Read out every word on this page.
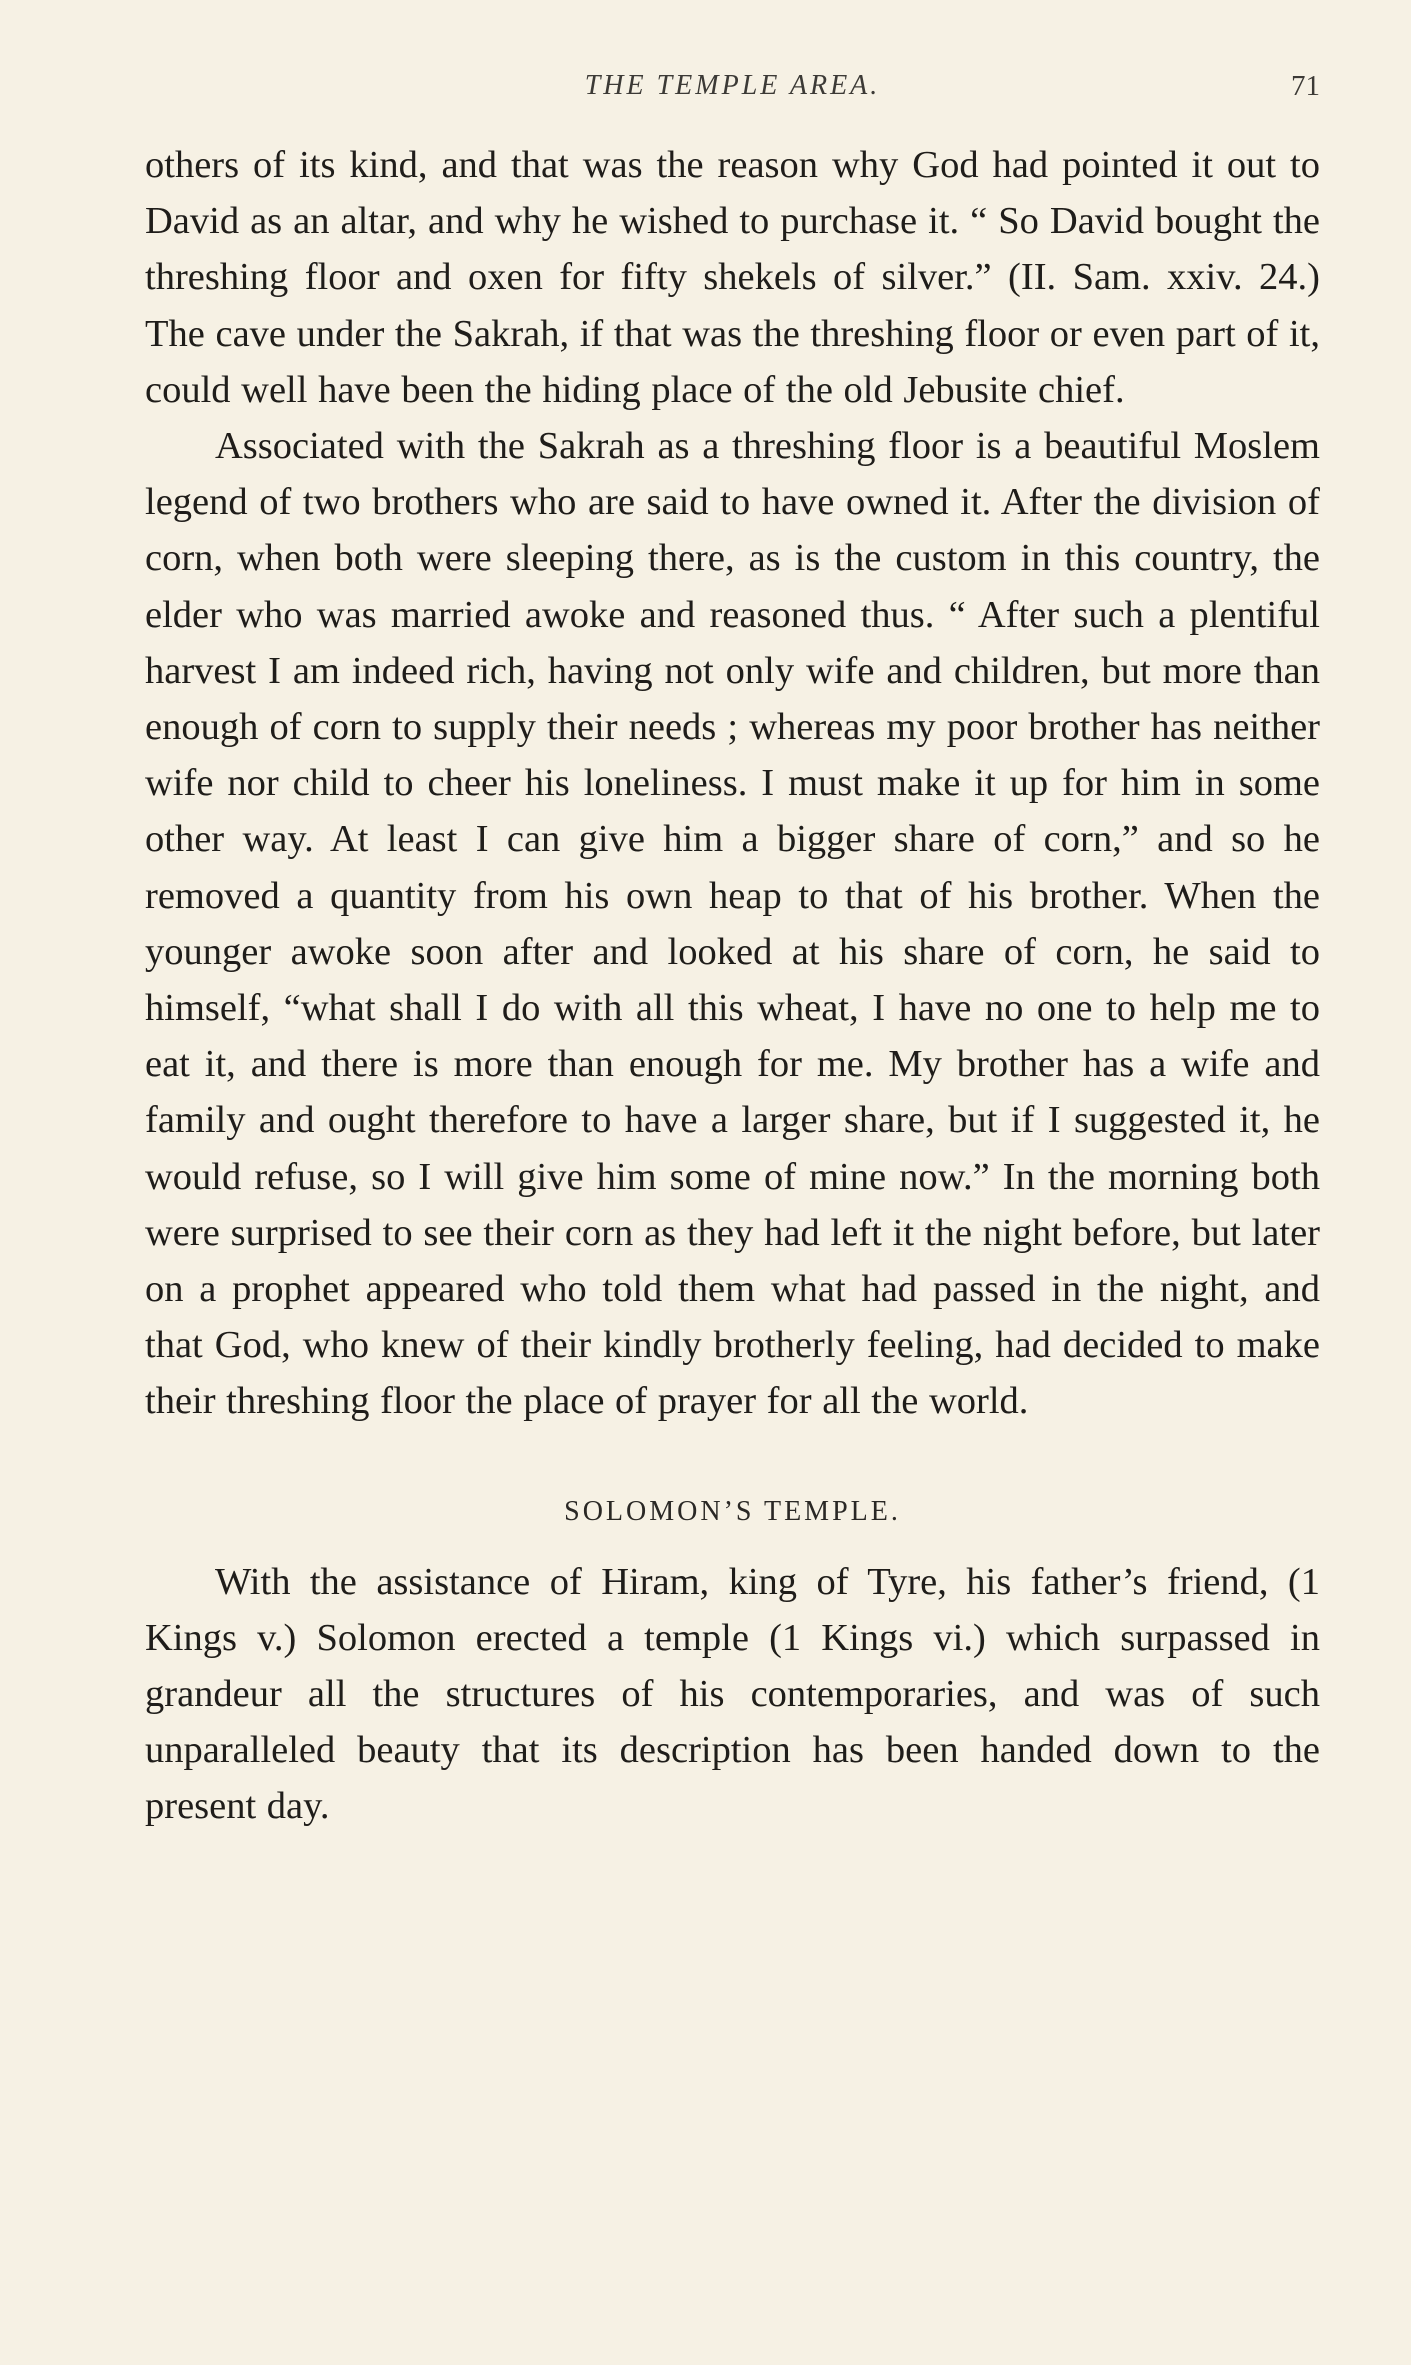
THE TEMPLE AREA.	71

others of its kind, and that was the reason why God had pointed it out to David as an altar, and why he wished to purchase it. “ So David bought the threshing floor and oxen for fifty shekels of silver.” (II. Sam. xxiv. 24.) The cave under the Sakrah, if that was the threshing floor or even part of it, could well have been the hiding place of the old Jebusite chief.

Associated with the Sakrah as a threshing floor is a beautiful Moslem legend of two brothers who are said to have owned it. After the division of corn, when both were sleeping there, as is the custom in this country, the elder who was married awoke and reasoned thus. “ After such a plentiful harvest I am indeed rich, having not only wife and children, but more than enough of corn to supply their needs ; whereas my poor brother has neither wife nor child to cheer his loneliness. I must make it up for him in some other way. At least I can give him a bigger share of corn,” and so he removed a quantity from his own heap to that of his brother. When the younger awoke soon after and looked at his share of corn, he said to himself, “what shall I do with all this wheat, I have no one to help me to eat it, and there is more than enough for me. My brother has a wife and family and ought therefore to have a larger share, but if I suggested it, he would refuse, so I will give him some of mine now.” In the morning both were surprised to see their corn as they had left it the night before, but later on a prophet appeared who told them what had passed in the night, and that God, who knew of their kindly brotherly feeling, had decided to make their threshing floor the place of prayer for all the world.

SOLOMON’S TEMPLE.

With the assistance of Hiram, king of Tyre, his father’s friend, (1 Kings v.) Solomon erected a temple (1 Kings vi.) which surpassed in grandeur all the structures of his contemporaries, and was of such unparalleled beauty that its description has been handed down to the present day.
